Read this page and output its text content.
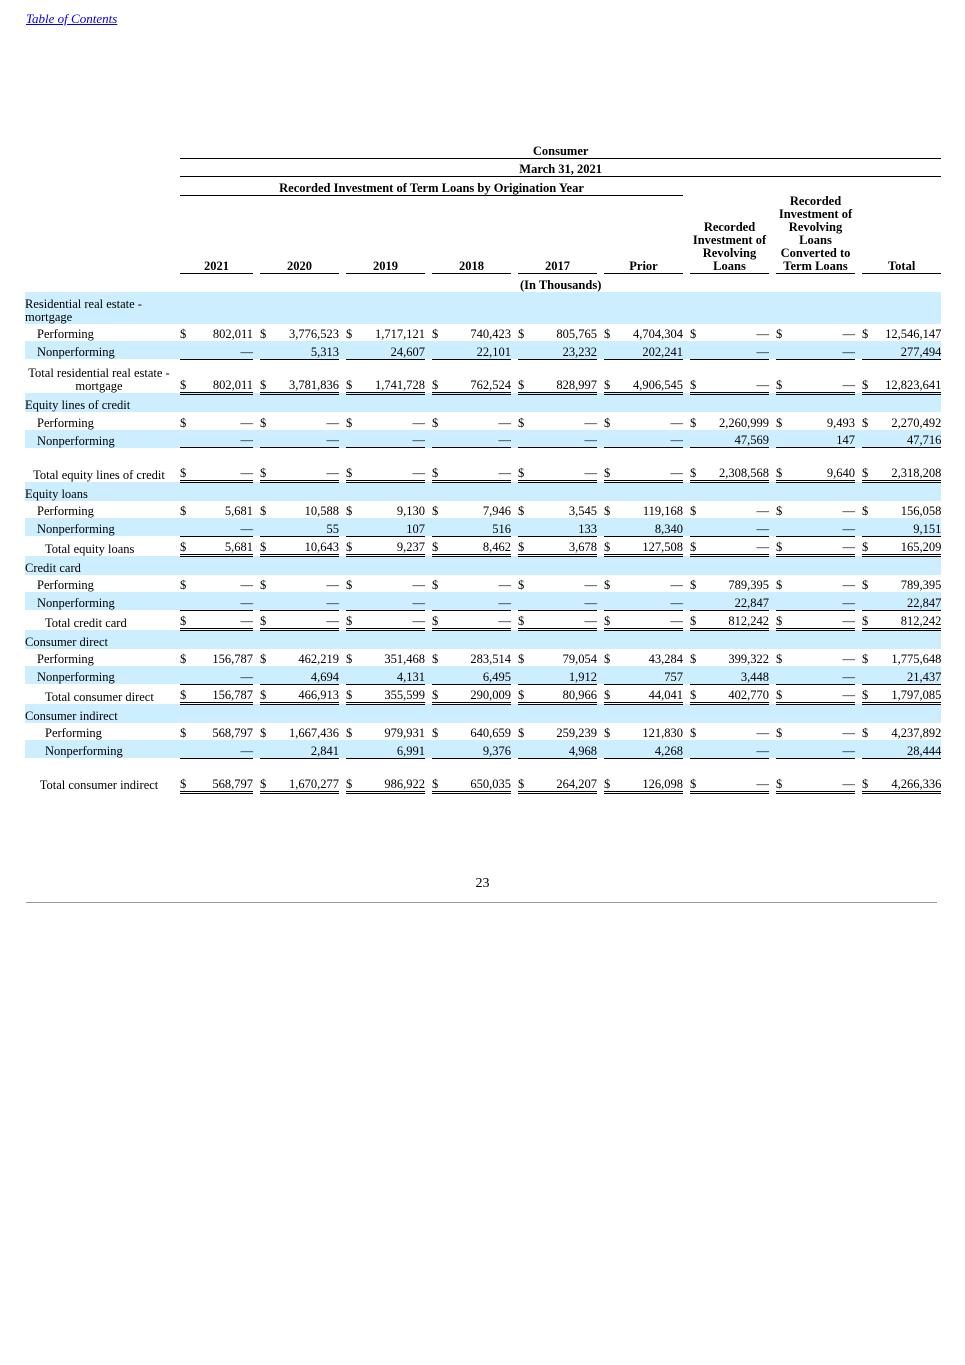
Table of Contents
		Consumer																									
		March 31, 2021																									
		Recorded Investment of Term Loans by Origination Year																									
		2021			2020			2019			2018			2017			Prior			Recorded Investment of Revolving Loans			Recorded Investment of Revolving Loans Converted to Term Loans			Total	
		(In Thousands)																									
Residential real estate - mortgage																											
Performing		$	802,011		$	3,776,523		$	1,717,121		$	740,423		$	805,765		$	4,704,304		$	—		$	—		$	12,546,147
Nonperforming			—			5,313			24,607			22,101			23,232			202,241			—			—			277,494
Total residential real estate - mortgage		$	802,011		$	3,781,836		$	1,741,728		$	762,524		$	828,997		$	4,906,545		$	—		$	—		$	12,823,641
Equity lines of credit																											
Performing		$	—		$	—		$	—		$	—		$	—		$	—		$	2,260,999		$	9,493		$	2,270,492
Nonperforming			—			—			—			—			—			—			47,569			147			47,716
Total equity lines of credit		$	—		$	—		$	—		$	—		$	—		$	—		$	2,308,568		$	9,640		$	2,318,208
Equity loans																											
Performing		$	5,681		$	10,588		$	9,130		$	7,946		$	3,545		$	119,168		$	—		$	—		$	156,058
Nonperforming			—			55			107			516			133			8,340			—			—			9,151
Total equity loans		$	5,681		$	10,643		$	9,237		$	8,462		$	3,678		$	127,508		$	—		$	—		$	165,209
Credit card																											
Performing		$	—		$	—		$	—		$	—		$	—		$	—		$	789,395		$	—		$	789,395
Nonperforming			—			—			—			—			—			—			22,847			—			22,847
Total credit card		$	—		$	—		$	—		$	—		$	—		$	—		$	812,242		$	—		$	812,242
Consumer direct																											
Performing		$	156,787		$	462,219		$	351,468		$	283,514		$	79,054		$	43,284		$	399,322		$	—		$	1,775,648
Nonperforming			—			4,694			4,131			6,495			1,912			757			3,448			—			21,437
Total consumer direct		$	156,787		$	466,913		$	355,599		$	290,009		$	80,966		$	44,041		$	402,770		$	—		$	1,797,085
Consumer indirect																											
Performing		$	568,797		$	1,667,436		$	979,931		$	640,659		$	259,239		$	121,830		$	—		$	—		$	4,237,892
Nonperforming			—			2,841			6,991			9,376			4,968			4,268			—			—			28,444
Total consumer indirect		$	568,797		$	1,670,277		$	986,922		$	650,035		$	264,207		$	126,098		$	—		$	—		$	4,266,336
23
